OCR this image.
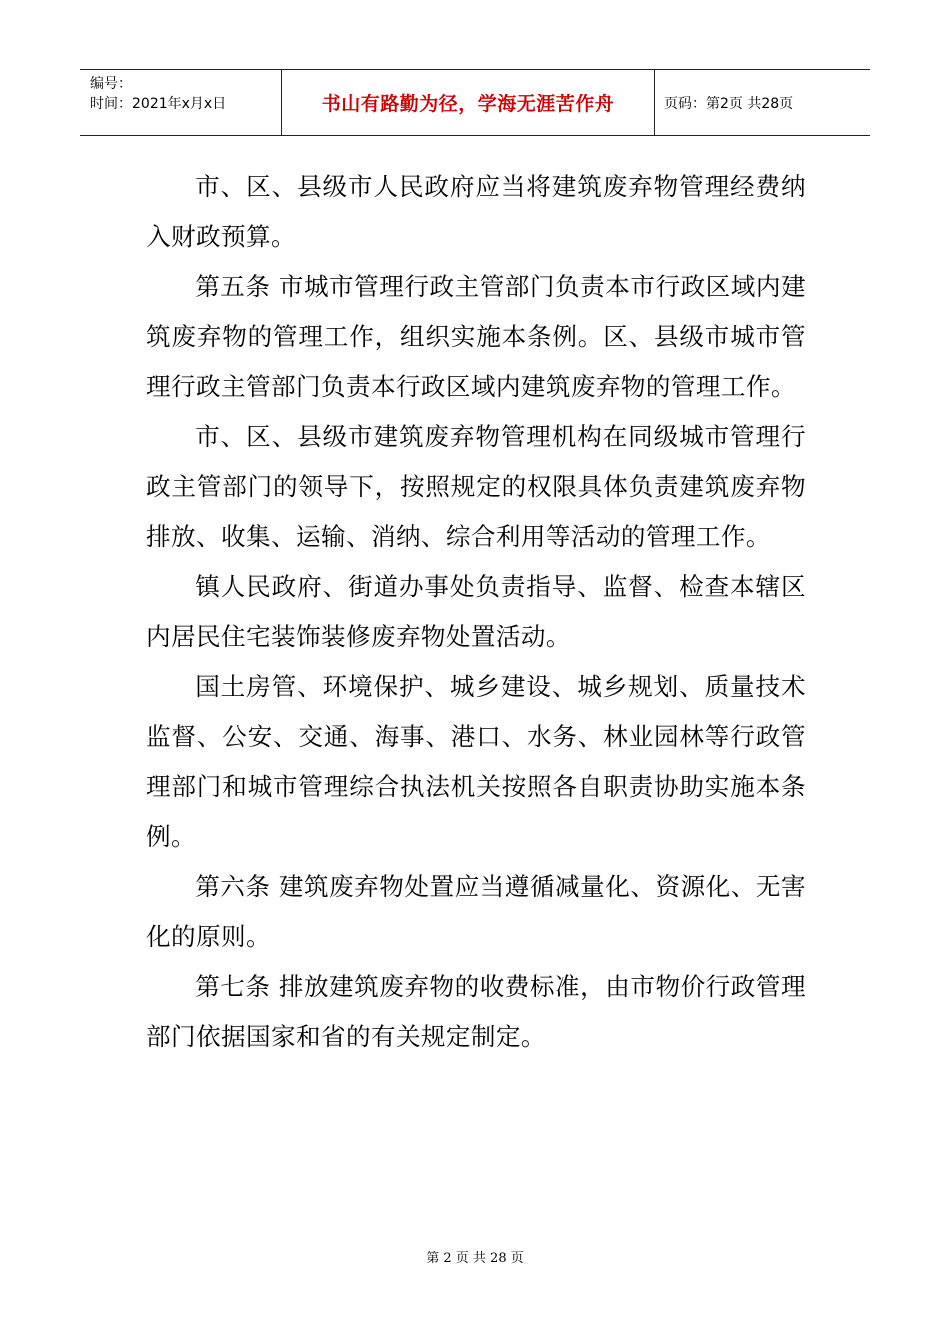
编号：
时间：2021年x月x日	书山有路勤为径，学海无涯苦作舟	页码：第2页 共28页

市、区、县级市人民政府应当将建筑废弃物管理经费纳入财政预算。

第五条 市城市管理行政主管部门负责本市行政区域内建筑废弃物的管理工作，组织实施本条例。区、县级市城市管理行政主管部门负责本行政区域内建筑废弃物的管理工作。

市、区、县级市建筑废弃物管理机构在同级城市管理行政主管部门的领导下，按照规定的权限具体负责建筑废弃物排放、收集、运输、消纳、综合利用等活动的管理工作。

镇人民政府、街道办事处负责指导、监督、检查本辖区内居民住宅装饰装修废弃物处置活动。

国土房管、环境保护、城乡建设、城乡规划、质量技术监督、公安、交通、海事、港口、水务、林业园林等行政管理部门和城市管理综合执法机关按照各自职责协助实施本条例。

第六条 建筑废弃物处置应当遵循减量化、资源化、无害化的原则。

第七条 排放建筑废弃物的收费标准，由市物价行政管理部门依据国家和省的有关规定制定。

第 2 页 共 28 页
